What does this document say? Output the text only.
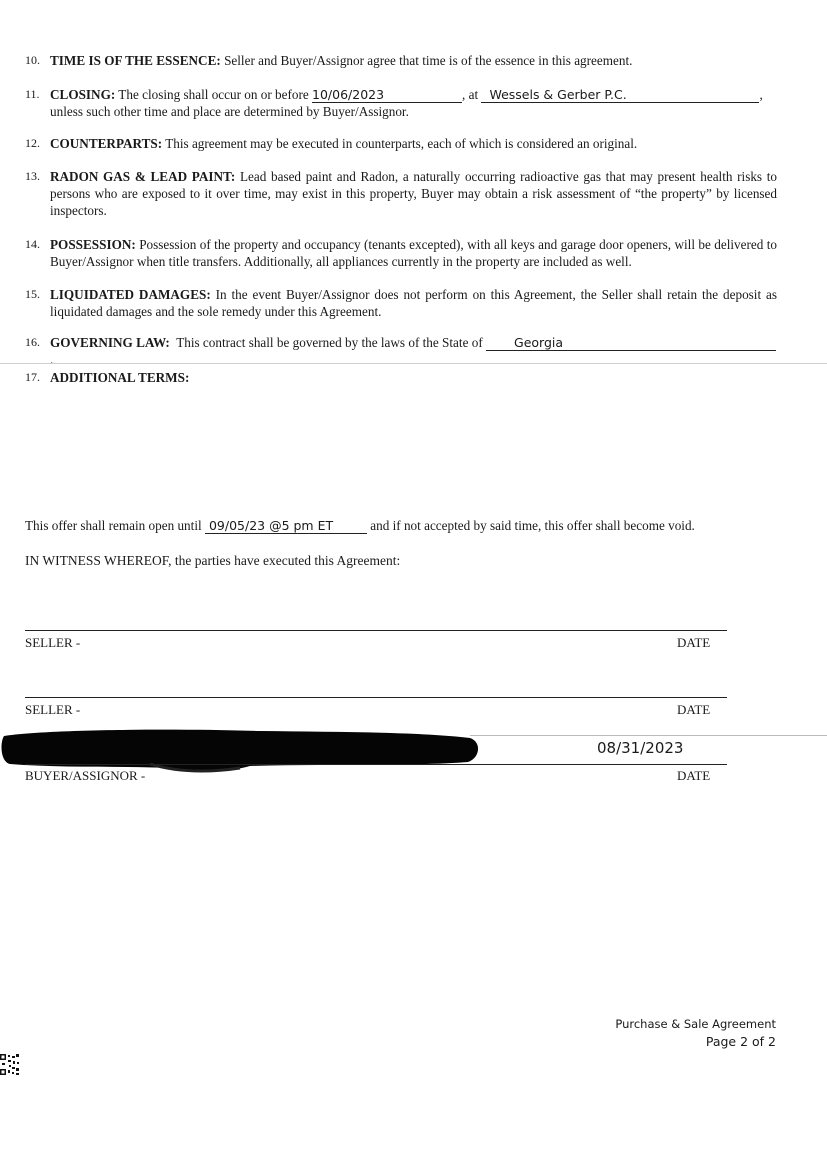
10. TIME IS OF THE ESSENCE: Seller and Buyer/Assignor agree that time is of the essence in this agreement.
11. CLOSING: The closing shall occur on or before 10/06/2023	, at Wessels & Gerber P.C.	,
unless such other time and place are determined by Buyer/Assignor.
12. COUNTERPARTS: This agreement may be executed in counterparts, each of which is considered an original.
13. RADON GAS & LEAD PAINT: Lead based paint and Radon, a naturally occurring radioactive gas that may present health risks to persons who are exposed to it over time, may exist in this property, Buyer may obtain a risk assessment of “the property” by licensed inspectors.
14. POSSESSION: Possession of the property and occupancy (tenants excepted), with all keys and garage door openers, will be delivered to Buyer/Assignor when title transfers. Additionally, all appliances currently in the property are included as well.
15. LIQUIDATED DAMAGES: In the event Buyer/Assignor does not perform on this Agreement, the Seller shall retain the deposit as liquidated damages and the sole remedy under this Agreement.
16. GOVERNING LAW: This contract shall be governed by the laws of the State of	Georgia.
17. ADDITIONAL TERMS:
This offer shall remain open until 09/05/23 @5 pm ET	and if not accepted by said time, this offer shall become void.
IN WITNESS WHEREOF, the parties have executed this Agreement:
SELLER -	DATE
SELLER -	DATE
08/31/2023
BUYER/ASSIGNOR -	DATE
Purchase & Sale Agreement
Page 2 of 2
